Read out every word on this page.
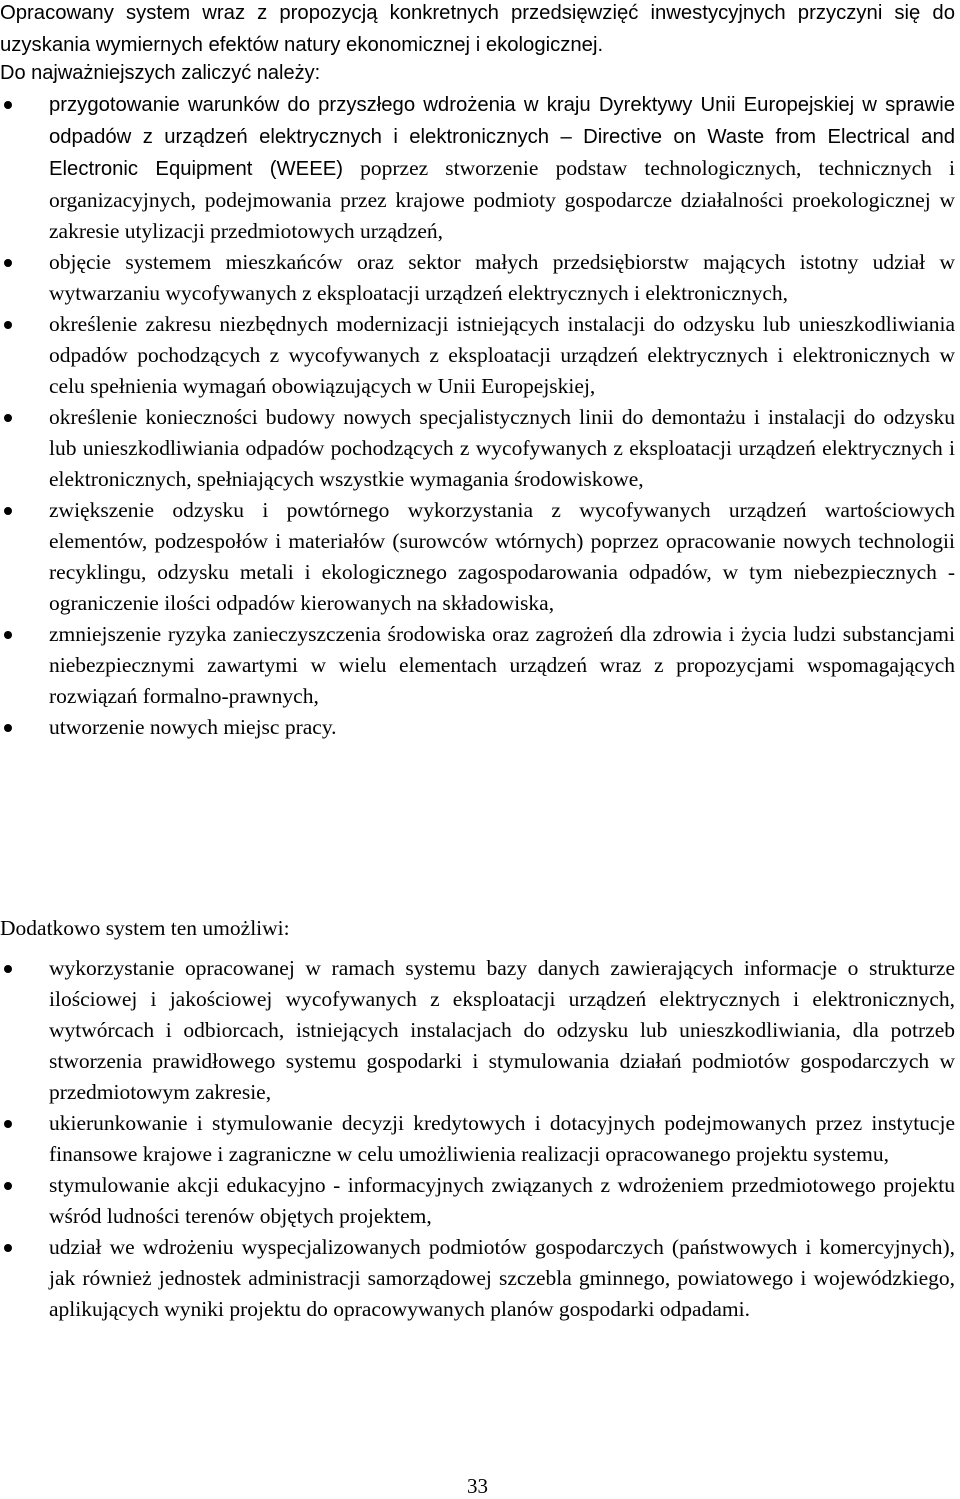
Opracowany system wraz z propozycją konkretnych przedsięwzięć inwestycyjnych przyczyni się do uzyskania wymiernych efektów natury ekonomicznej i ekologicznej.

Do najważniejszych zaliczyć należy:
przygotowanie warunków do przyszłego wdrożenia w kraju Dyrektywy Unii Europejskiej w sprawie odpadów z urządzeń elektrycznych i elektronicznych – Directive on Waste from Electrical and Electronic Equipment (WEEE) poprzez stworzenie podstaw technologicznych, technicznych i organizacyjnych, podejmowania przez krajowe podmioty gospodarcze działalności proekologicznej w zakresie utylizacji przedmiotowych urządzeń,
objęcie systemem mieszkańców oraz sektor małych przedsiębiorstw mających istotny udział w wytwarzaniu wycofywanych z eksploatacji urządzeń elektrycznych i elektronicznych,
określenie zakresu niezbędnych modernizacji istniejących instalacji do odzysku lub unieszkodliwiania odpadów pochodzących z wycofywanych z eksploatacji urządzeń elektrycznych i elektronicznych w celu spełnienia wymagań obowiązujących w Unii Europejskiej,
określenie konieczności budowy nowych specjalistycznych linii do demontażu i instalacji do odzysku lub unieszkodliwiania odpadów pochodzących z wycofywanych z eksploatacji urządzeń elektrycznych i elektronicznych, spełniających wszystkie wymagania środowiskowe,
zwiększenie odzysku i powtórnego wykorzystania z wycofywanych urządzeń wartościowych elementów, podzespołów i materiałów (surowców wtórnych) poprzez opracowanie nowych technologii recyklingu, odzysku metali i ekologicznego zagospodarowania odpadów, w tym niebezpiecznych - ograniczenie ilości odpadów kierowanych na składowiska,
zmniejszenie ryzyka zanieczyszczenia środowiska oraz zagrożeń dla zdrowia i życia ludzi substancjami niebezpiecznymi zawartymi w wielu elementach urządzeń wraz z propozycjami wspomagających rozwiązań formalno-prawnych,
utworzenie nowych miejsc pracy.

Dodatkowo system ten umożliwi:

wykorzystanie opracowanej w ramach systemu bazy danych zawierających informacje o strukturze ilościowej i jakościowej wycofywanych z eksploatacji urządzeń elektrycznych i elektronicznych, wytwórcach i odbiorcach, istniejących instalacjach do odzysku lub unieszkodliwiania, dla potrzeb stworzenia prawidłowego systemu gospodarki i stymulowania działań podmiotów gospodarczych w przedmiotowym zakresie,
ukierunkowanie i stymulowanie decyzji kredytowych i dotacyjnych podejmowanych przez instytucje finansowe krajowe i zagraniczne w celu umożliwienia realizacji opracowanego projektu systemu,
stymulowanie akcji edukacyjno - informacyjnych związanych z wdrożeniem przedmiotowego projektu wśród ludności terenów objętych projektem,
udział we wdrożeniu wyspecjalizowanych podmiotów gospodarczych (państwowych i komercyjnych), jak również jednostek administracji samorządowej szczebla gminnego, powiatowego i wojewódzkiego, aplikujących wyniki projektu do opracowywanych planów gospodarki odpadami.
33
